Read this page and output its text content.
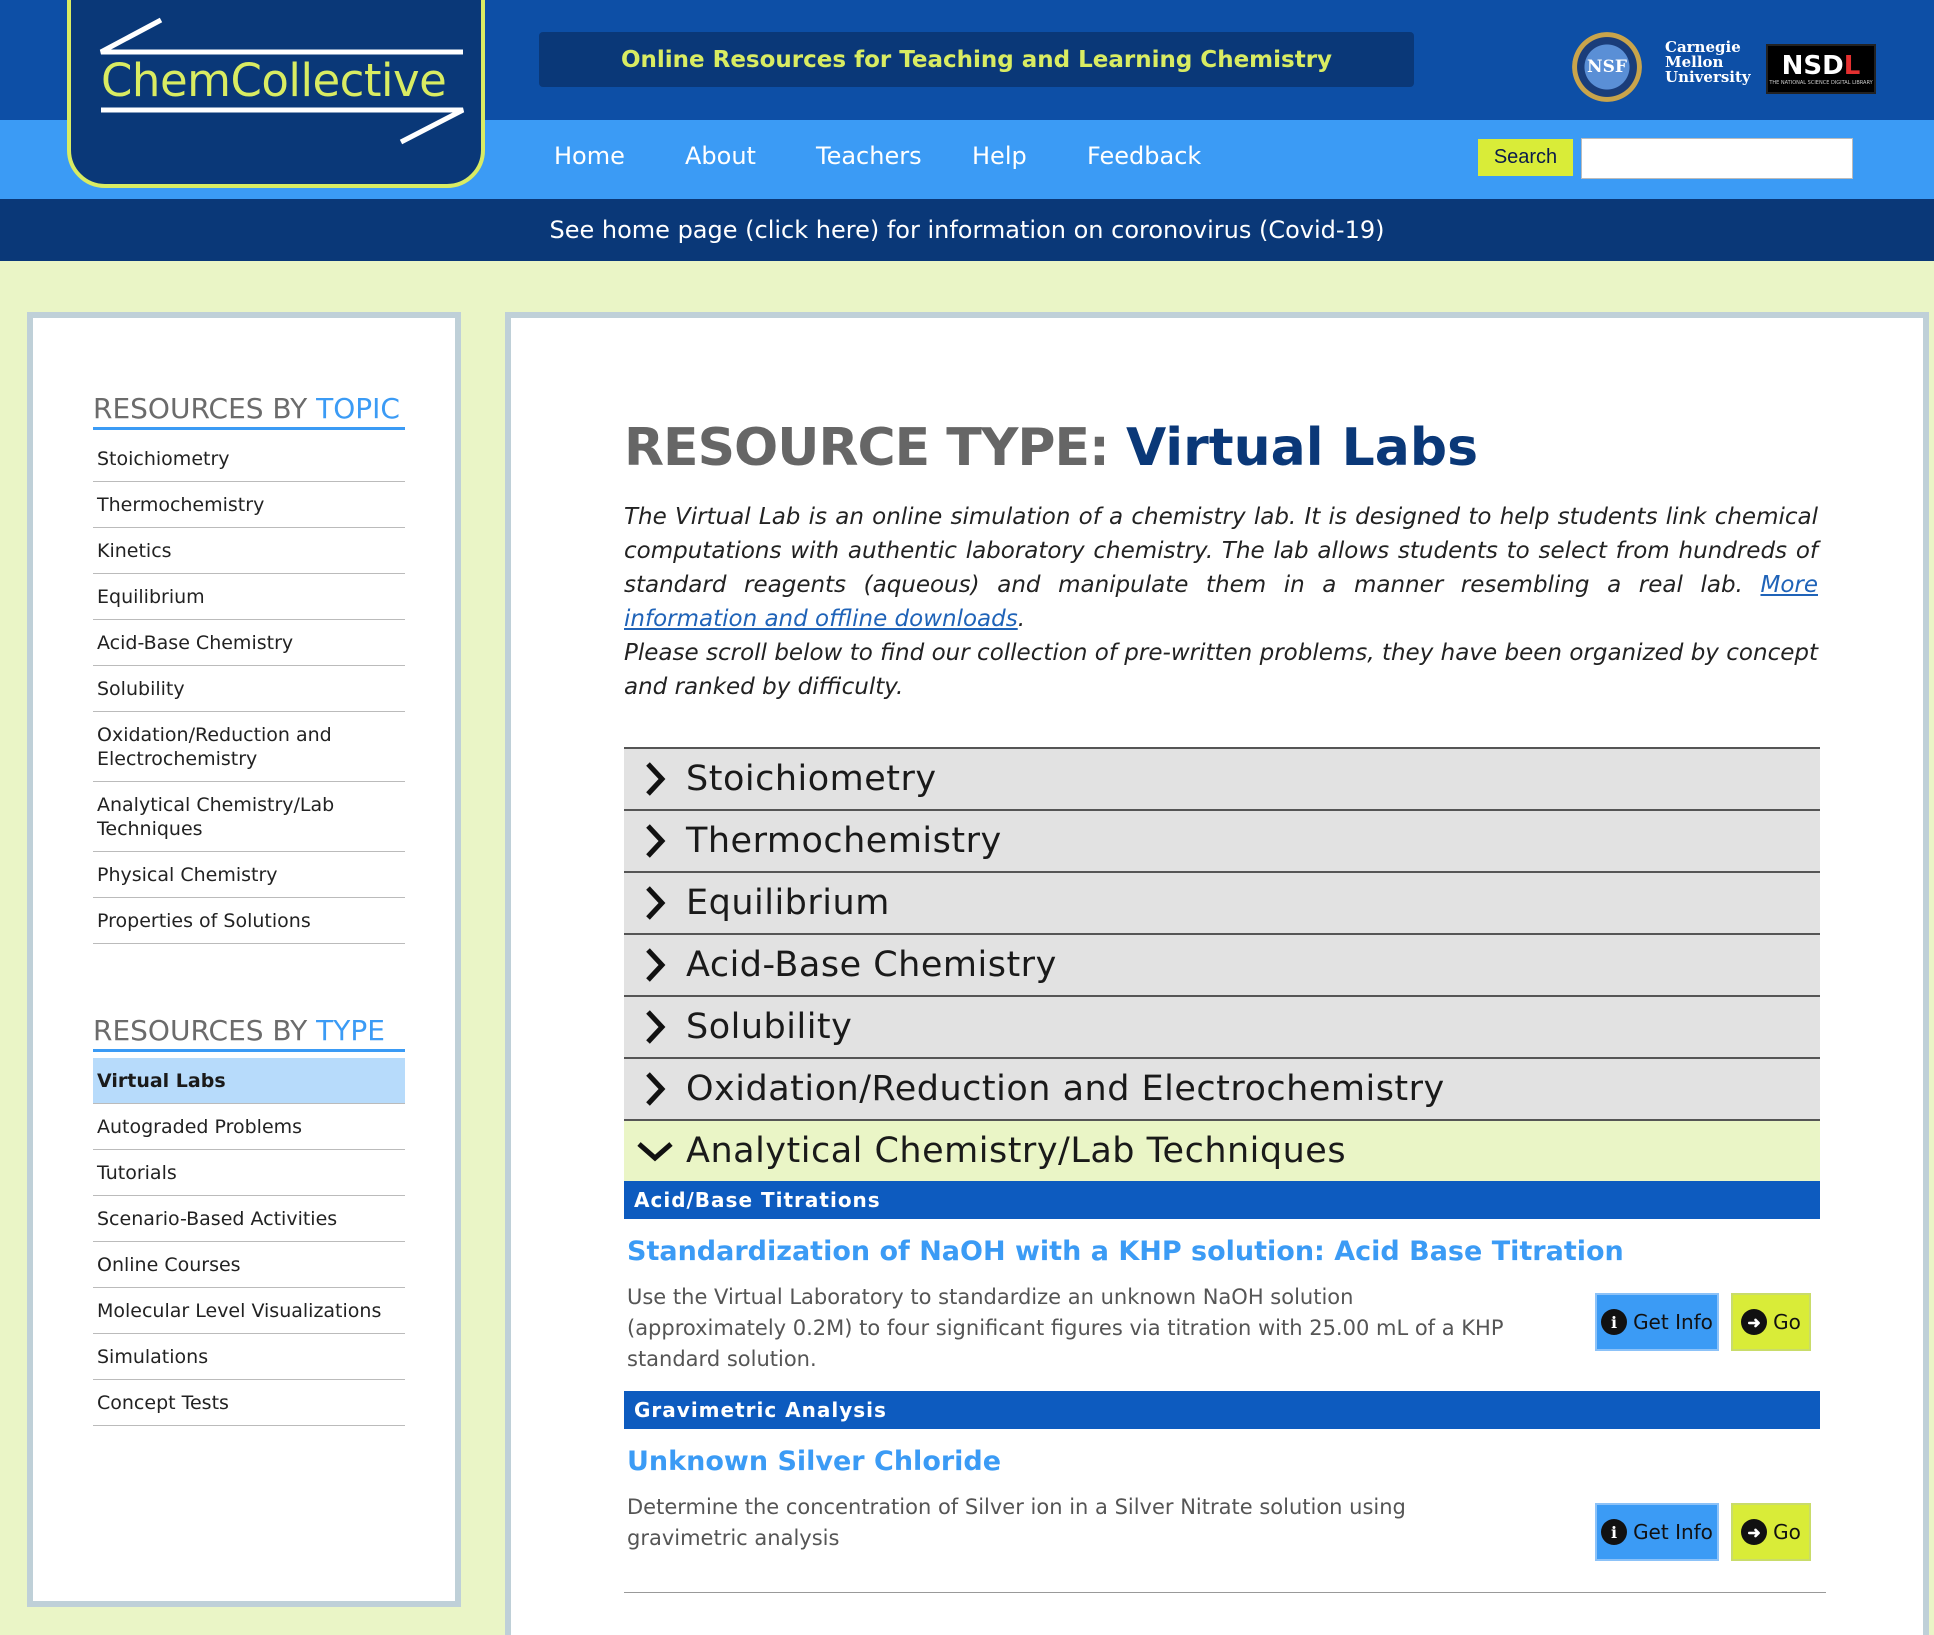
ChemCollective	Online Resources for Teaching and Learning Chemistry	NSF
Carnegie
Mellon
University NSDL
THE NATIONAL SCIENCE DIGITAL LIBRARY
Home	About	Teachers Help	Feedback	Search
See home page (click here) for information on coronovirus (Covid-19)
RESOURCES BY TOPIC
Stoichiometry
Thermochemistry
Kinetics
Equilibrium
Acid-Base Chemistry
Solubility
Oxidation/Reduction and Electrochemistry
Analytical Chemistry/Lab Techniques
Physical Chemistry
Properties of Solutions
RESOURCES BY TYPE
Virtual Labs
Autograded Problems
Tutorials
Scenario-Based Activities
Online Courses
Molecular Level Visualizations
Simulations
Concept Tests
RESOURCE TYPE: Virtual Labs

The Virtual Lab is an online simulation of a chemistry lab. It is designed to help students link chemical computations with authentic laboratory chemistry. The lab allows students to select from hundreds of standard reagents (aqueous) and manipulate them in a manner resembling a real lab. More information and offline downloads.

Please scroll below to find our collection of pre-written problems, they have been organized by concept and ranked by difficulty.

Stoichiometry
Thermochemistry
Equilibrium
Acid-Base Chemistry
Solubility
Oxidation/Reduction and Electrochemistry
Analytical Chemistry/Lab Techniques
Acid/Base Titrations
Standardization of NaOH with a KHP solution: Acid Base Titration

Use the Virtual Laboratory to standardize an unknown NaOH solution (approximately 0.2M) to four significant figures via titration with 25.00 mL of a KHP standard solution.

i Get Info	➜ Go
Gravimetric Analysis
Unknown Silver Chloride

Determine the concentration of Silver ion in a Silver Nitrate solution using gravimetric analysis	i Get Info	➜ Go
